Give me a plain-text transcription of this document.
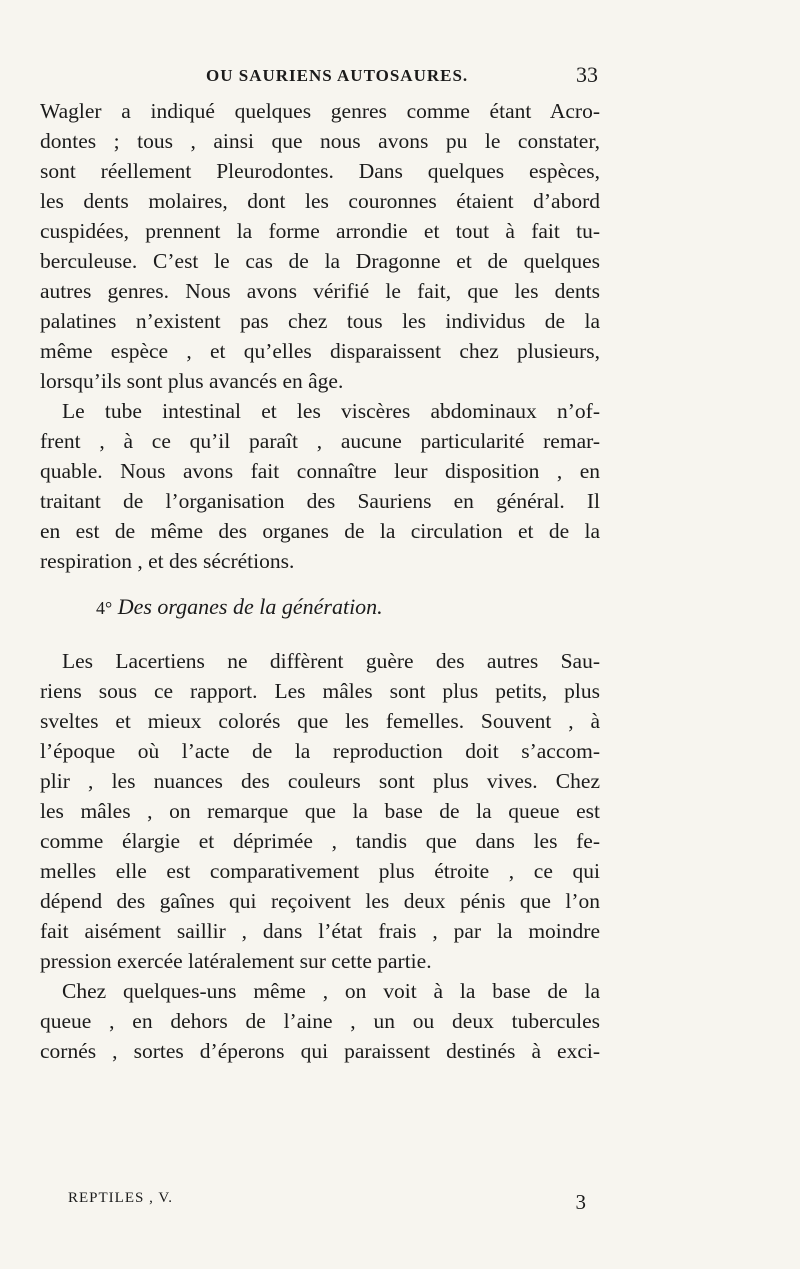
OU SAURIENS AUTOSAURES.	33
Wagler a indiqué quelques genres comme étant Acro-
dontes ; tous , ainsi que nous avons pu le constater,
sont réellement Pleurodontes. Dans quelques espèces,
les dents molaires, dont les couronnes étaient d’abord
cuspidées, prennent la forme arrondie et tout à fait tu-
berculeuse. C’est le cas de la Dragonne et de quelques
autres genres. Nous avons vérifié le fait, que les dents
palatines n’existent pas chez tous les individus de la
même espèce , et qu’elles disparaissent chez plusieurs,
lorsqu’ils sont plus avancés en âge.
Le tube intestinal et les viscères abdominaux n’of-
frent , à ce qu’il paraît , aucune particularité remar-
quable. Nous avons fait connaître leur disposition , en
traitant de l’organisation des Sauriens en général. Il
en est de même des organes de la circulation et de la
respiration , et des sécrétions.
4° Des organes de la génération.
Les Lacertiens ne diffèrent guère des autres Sau-
riens sous ce rapport. Les mâles sont plus petits, plus
sveltes et mieux colorés que les femelles. Souvent , à
l’époque où l’acte de la reproduction doit s’accom-
plir , les nuances des couleurs sont plus vives. Chez
les mâles , on remarque que la base de la queue est
comme élargie et déprimée , tandis que dans les fe-
melles elle est comparativement plus étroite , ce qui
dépend des gaînes qui reçoivent les deux pénis que l’on
fait aisément saillir , dans l’état frais , par la moindre
pression exercée latéralement sur cette partie.
Chez quelques-uns même , on voit à la base de la
queue , en dehors de l’aine , un ou deux tubercules
cornés , sortes d’éperons qui paraissent destinés à exci-
REPTILES , V.	3
